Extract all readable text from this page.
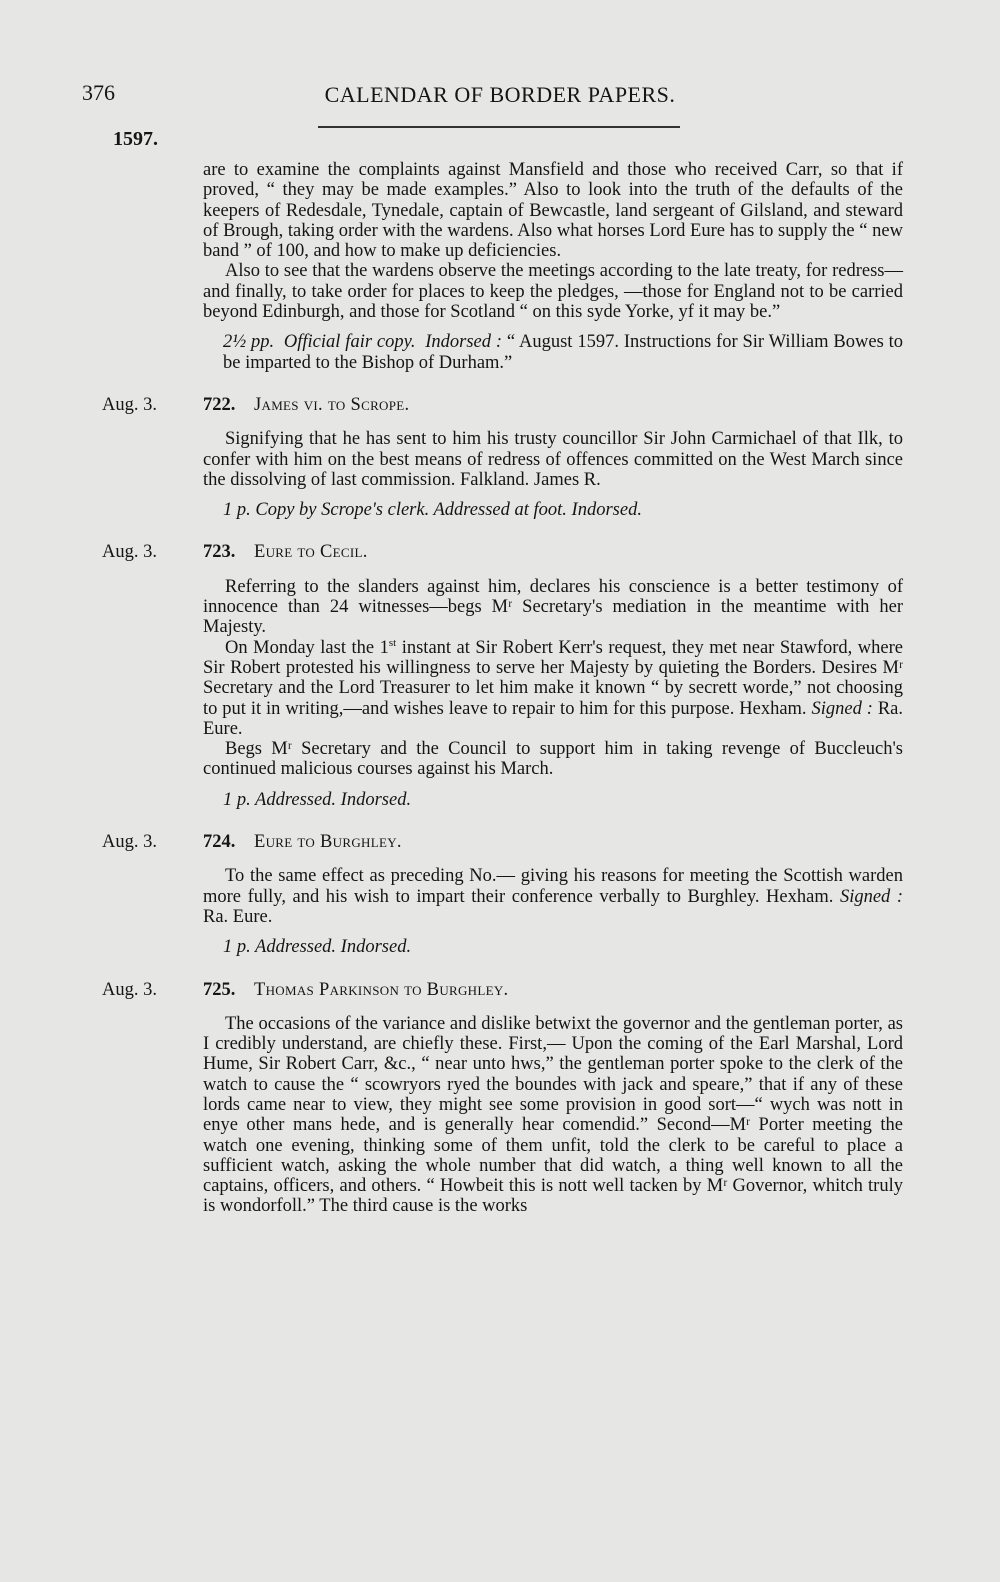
376	CALENDAR OF BORDER PAPERS.
1597.

are to examine the complaints against Mansfield and those who received Carr, so that if proved, “ they may be made examples.” Also to look into the truth of the defaults of the keepers of Redesdale, Tynedale, captain of Bewcastle, land sergeant of Gilsland, and steward of Brough, taking order with the wardens. Also what horses Lord Eure has to supply the “ new band ” of 100, and how to make up deficiencies.

Also to see that the wardens observe the meetings according to the late treaty, for redress—and finally, to take order for places to keep the pledges, —those for England not to be carried beyond Edinburgh, and those for Scotland “ on this syde Yorke, yf it may be.”

2½ pp. Official fair copy. Indorsed : “ August 1597. Instructions for Sir William Bowes to be imparted to the Bishop of Durham.”
Aug. 3. 722. James vi. to Scrope.

Signifying that he has sent to him his trusty councillor Sir John Carmichael of that Ilk, to confer with him on the best means of redress of offences committed on the West March since the dissolving of last commission. Falkland. James R.

1 p. Copy by Scrope's clerk. Addressed at foot. Indorsed.
Aug. 3. 723. Eure to Cecil.

Referring to the slanders against him, declares his conscience is a better testimony of innocence than 24 witnesses—begs Mʳ Secretary's mediation in the meantime with her Majesty.

On Monday last the 1st instant at Sir Robert Kerr's request, they met near Stawford, where Sir Robert protested his willingness to serve her Majesty by quieting the Borders. Desires Mʳ Secretary and the Lord Treasurer to let him make it known “ by secrett worde,” not choosing to put it in writing,—and wishes leave to repair to him for this purpose. Hexham. Signed : Ra. Eure.

Begs Mʳ Secretary and the Council to support him in taking revenge of Buccleuch's continued malicious courses against his March.

1 p. Addressed. Indorsed.
Aug. 3. 724. Eure to Burghley.

To the same effect as preceding No.— giving his reasons for meeting the Scottish warden more fully, and his wish to impart their conference verbally to Burghley. Hexham. Signed : Ra. Eure.

1 p. Addressed. Indorsed.
Aug. 3. 725. Thomas Parkinson to Burghley.

The occasions of the variance and dislike betwixt the governor and the gentleman porter, as I credibly understand, are chiefly these. First,— Upon the coming of the Earl Marshal, Lord Hume, Sir Robert Carr, &c., “ near unto hws,” the gentleman porter spoke to the clerk of the watch to cause the “ scowryors ryed the boundes with jack and speare,” that if any of these lords came near to view, they might see some provision in good sort—“ wych was nott in enye other mans hede, and is generally hear comendid.” Second—Mʳ Porter meeting the watch one evening, thinking some of them unfit, told the clerk to be careful to place a sufficient watch, asking the whole number that did watch, a thing well known to all the captains, officers, and others. “ Howbeit this is nott well tacken by Mʳ Governor, whitch truly is wondorfoll.” The third cause is the works
